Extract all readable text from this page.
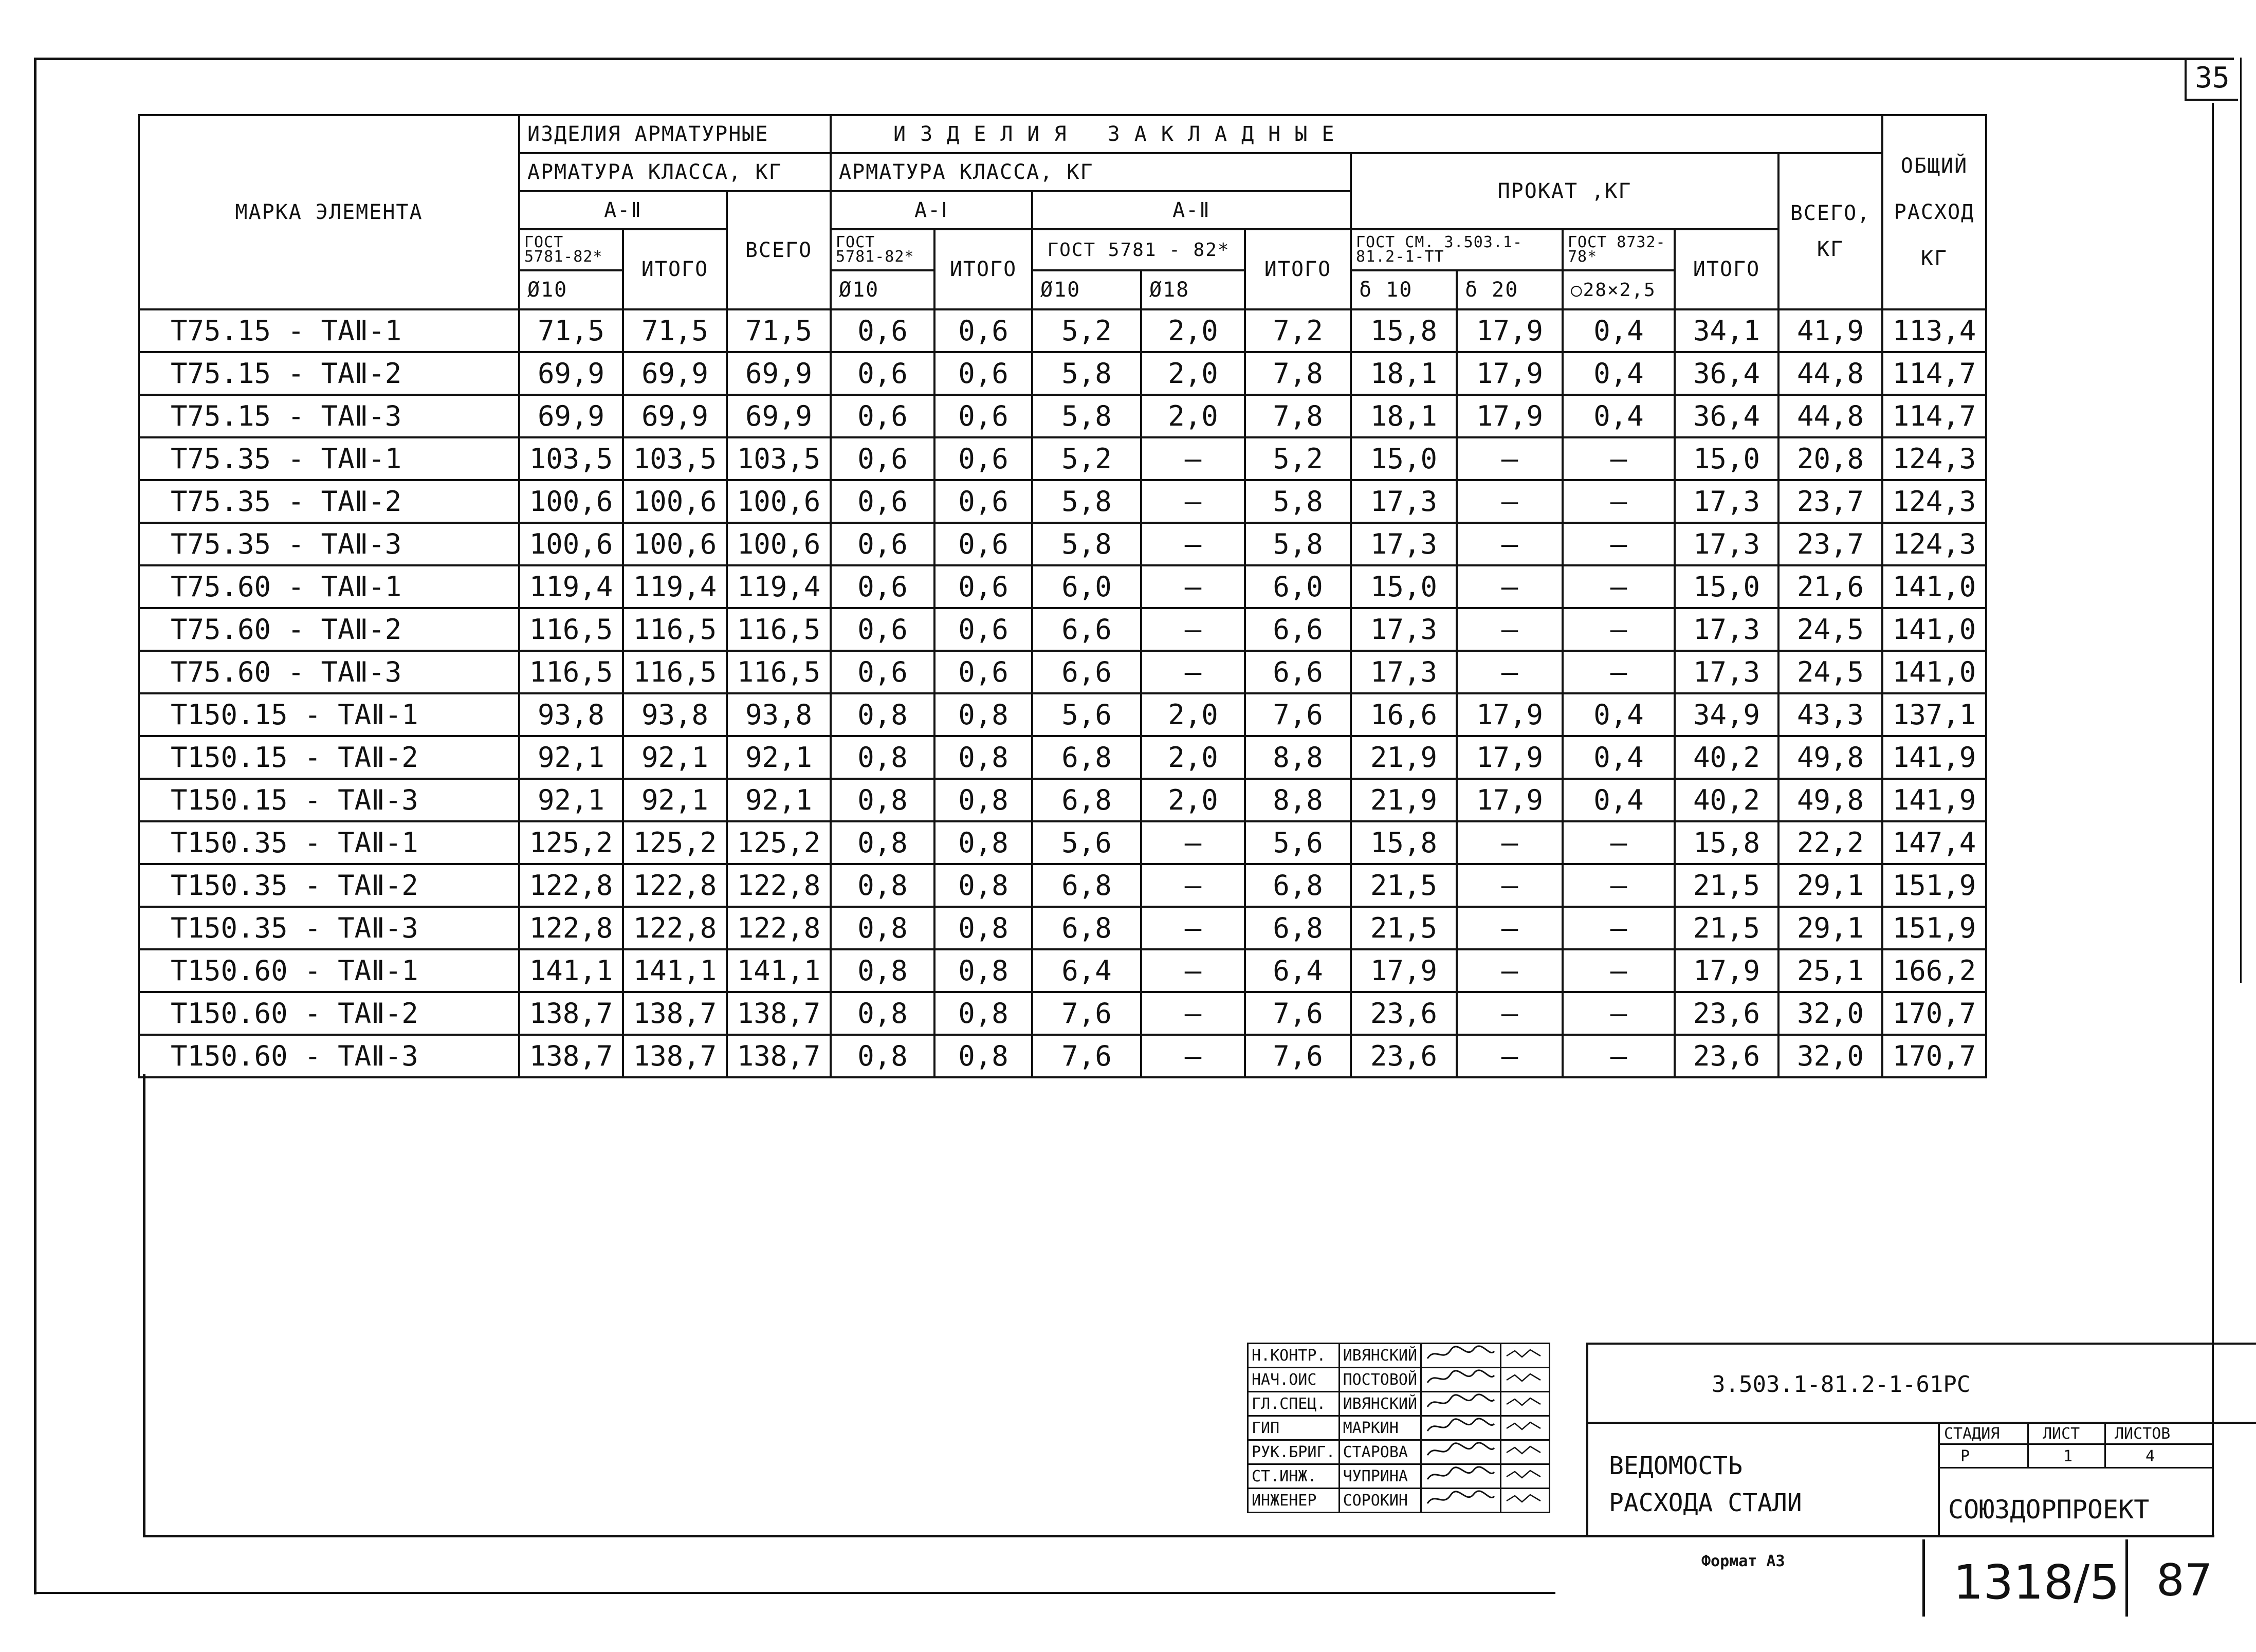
35
МАРКА ЭЛЕМЕНТА	ИЗДЕЛИЯ АРМАТУРНЫЕ			ИЗДЕЛИЯ ЗАКЛАДНЫЕ										ОБЩИЙ
РАСХОД
КГ

	АРМАТУРА КЛАССА, КГ			АРМАТУРА КЛАССА, КГ					ПРОКАТ ,КГ				ВСЕГО,
КГ	

	А-Ⅱ		ВСЕГО	А-Ⅰ		А-Ⅱ								
	ГОСТ 5781-82*	ИТОГО		ГОСТ 5781-82*	ИТОГО	ГОСТ 5781 - 82*		ИТОГО	ГОСТ СМ. 3.503.1-81.2-1-ТТ		ГОСТ 8732-78*	ИТОГО		
	Ø10			Ø10		Ø10	Ø18		δ 10	δ 20	○28×2,5			
Т75.15 - ТАⅡ-1	71,5	71,5	71,5	0,6	0,6	5,2	2,0	7,2	15,8	17,9	0,4	34,1	41,9	113,4
Т75.15 - ТАⅡ-2	69,9	69,9	69,9	0,6	0,6	5,8	2,0	7,8	18,1	17,9	0,4	36,4	44,8	114,7
Т75.15 - ТАⅡ-3	69,9	69,9	69,9	0,6	0,6	5,8	2,0	7,8	18,1	17,9	0,4	36,4	44,8	114,7
Т75.35 - ТАⅡ-1	103,5	103,5	103,5	0,6	0,6	5,2	–	5,2	15,0	–	–	15,0	20,8	124,3
Т75.35 - ТАⅡ-2	100,6	100,6	100,6	0,6	0,6	5,8	–	5,8	17,3	–	–	17,3	23,7	124,3
Т75.35 - ТАⅡ-3	100,6	100,6	100,6	0,6	0,6	5,8	–	5,8	17,3	–	–	17,3	23,7	124,3
Т75.60 - ТАⅡ-1	119,4	119,4	119,4	0,6	0,6	6,0	–	6,0	15,0	–	–	15,0	21,6	141,0
Т75.60 - ТАⅡ-2	116,5	116,5	116,5	0,6	0,6	6,6	–	6,6	17,3	–	–	17,3	24,5	141,0
Т75.60 - ТАⅡ-3	116,5	116,5	116,5	0,6	0,6	6,6	–	6,6	17,3	–	–	17,3	24,5	141,0
Т150.15 - ТАⅡ-1	93,8	93,8	93,8	0,8	0,8	5,6	2,0	7,6	16,6	17,9	0,4	34,9	43,3	137,1
Т150.15 - ТАⅡ-2	92,1	92,1	92,1	0,8	0,8	6,8	2,0	8,8	21,9	17,9	0,4	40,2	49,8	141,9
Т150.15 - ТАⅡ-3	92,1	92,1	92,1	0,8	0,8	6,8	2,0	8,8	21,9	17,9	0,4	40,2	49,8	141,9
Т150.35 - ТАⅡ-1	125,2	125,2	125,2	0,8	0,8	5,6	–	5,6	15,8	–	–	15,8	22,2	147,4
Т150.35 - ТАⅡ-2	122,8	122,8	122,8	0,8	0,8	6,8	–	6,8	21,5	–	–	21,5	29,1	151,9
Т150.35 - ТАⅡ-3	122,8	122,8	122,8	0,8	0,8	6,8	–	6,8	21,5	–	–	21,5	29,1	151,9
Т150.60 - ТАⅡ-1	141,1	141,1	141,1	0,8	0,8	6,4	–	6,4	17,9	–	–	17,9	25,1	166,2
Т150.60 - ТАⅡ-2	138,7	138,7	138,7	0,8	0,8	7,6	–	7,6	23,6	–	–	23,6	32,0	170,7
Т150.60 - ТАⅡ-3	138,7	138,7	138,7	0,8	0,8	7,6	–	7,6	23,6	–	–	23,6	32,0	170,7
Н.КОНТР.	ИВЯНСКИЙ		
НАЧ.ОИС	ПОСТОВОЙ		
ГЛ.СПЕЦ.	ИВЯНСКИЙ		
ГИП	МАРКИН		
РУК.БРИГ.	СТАРОВА		
СТ.ИНЖ.	ЧУПРИНА		
ИНЖЕНЕР	СОРОКИН		
3.503.1-81.2-1-61РС
ВЕДОМОСТЬ
РАСХОДА СТАЛИ
СТАДИЯ	ЛИСТ ЛИСТОВ
Р	1	4
СОЮЗДОРПРОЕКТ
Формат А3	1318/5 87
